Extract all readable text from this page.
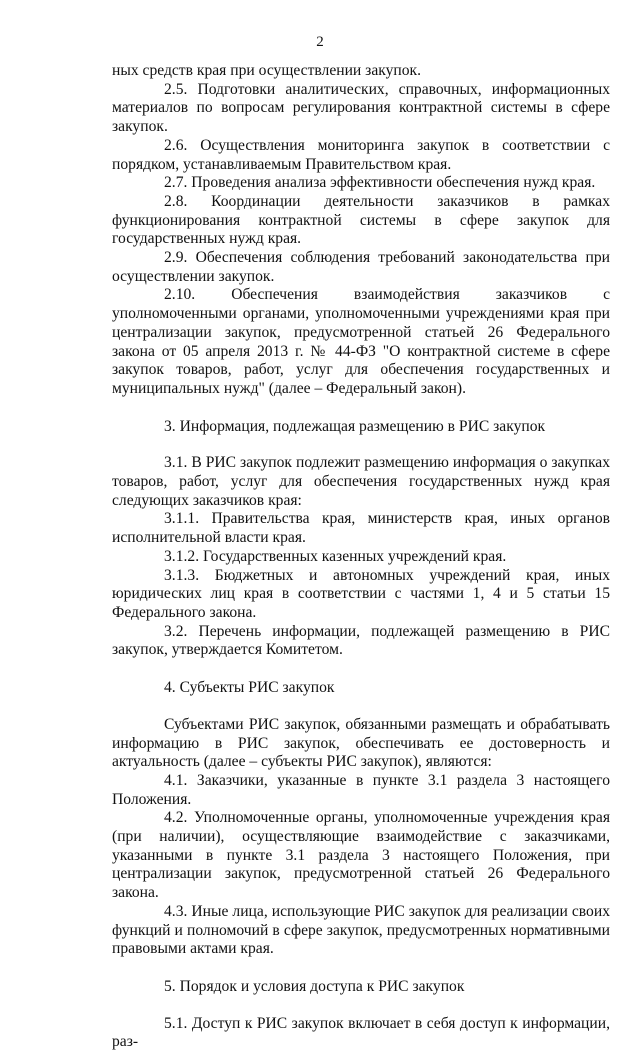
2

ных средств края при осуществлении закупок.

2.5. Подготовки аналитических, справочных, информационных материалов по вопросам регулирования контрактной системы в сфере закупок.

2.6. Осуществления мониторинга закупок в соответствии с порядком, устанавливаемым Правительством края.

2.7. Проведения анализа эффективности обеспечения нужд края.

2.8. Координации деятельности заказчиков в рамках функционирования контрактной системы в сфере закупок для государственных нужд края.

2.9. Обеспечения соблюдения требований законодательства при осуществлении закупок.

2.10. Обеспечения взаимодействия заказчиков с уполномоченными органами, уполномоченными учреждениями края при централизации закупок, предусмотренной статьей 26 Федерального закона от 05 апреля 2013 г. № 44-ФЗ "О контрактной системе в сфере закупок товаров, работ, услуг для обеспечения государственных и муниципальных нужд" (далее – Федеральный закон).

3. Информация, подлежащая размещению в РИС закупок

3.1. В РИС закупок подлежит размещению информация о закупках товаров, работ, услуг для обеспечения государственных нужд края следующих заказчиков края:

3.1.1. Правительства края, министерств края, иных органов исполнительной власти края.

3.1.2. Государственных казенных учреждений края.

3.1.3. Бюджетных и автономных учреждений края, иных юридических лиц края в соответствии с частями 1, 4 и 5 статьи 15 Федерального закона.

3.2. Перечень информации, подлежащей размещению в РИС закупок, утверждается Комитетом.

4. Субъекты РИС закупок

Субъектами РИС закупок, обязанными размещать и обрабатывать информацию в РИС закупок, обеспечивать ее достоверность и актуальность (далее – субъекты РИС закупок), являются:

4.1. Заказчики, указанные в пункте 3.1 раздела 3 настоящего Положения.

4.2. Уполномоченные органы, уполномоченные учреждения края (при наличии), осуществляющие взаимодействие с заказчиками, указанными в пункте 3.1 раздела 3 настоящего Положения, при централизации закупок, предусмотренной статьей 26 Федерального закона.

4.3. Иные лица, использующие РИС закупок для реализации своих функций и полномочий в сфере закупок, предусмотренных нормативными правовыми актами края.

5. Порядок и условия доступа к РИС закупок

5.1. Доступ к РИС закупок включает в себя доступ к информации, раз-
